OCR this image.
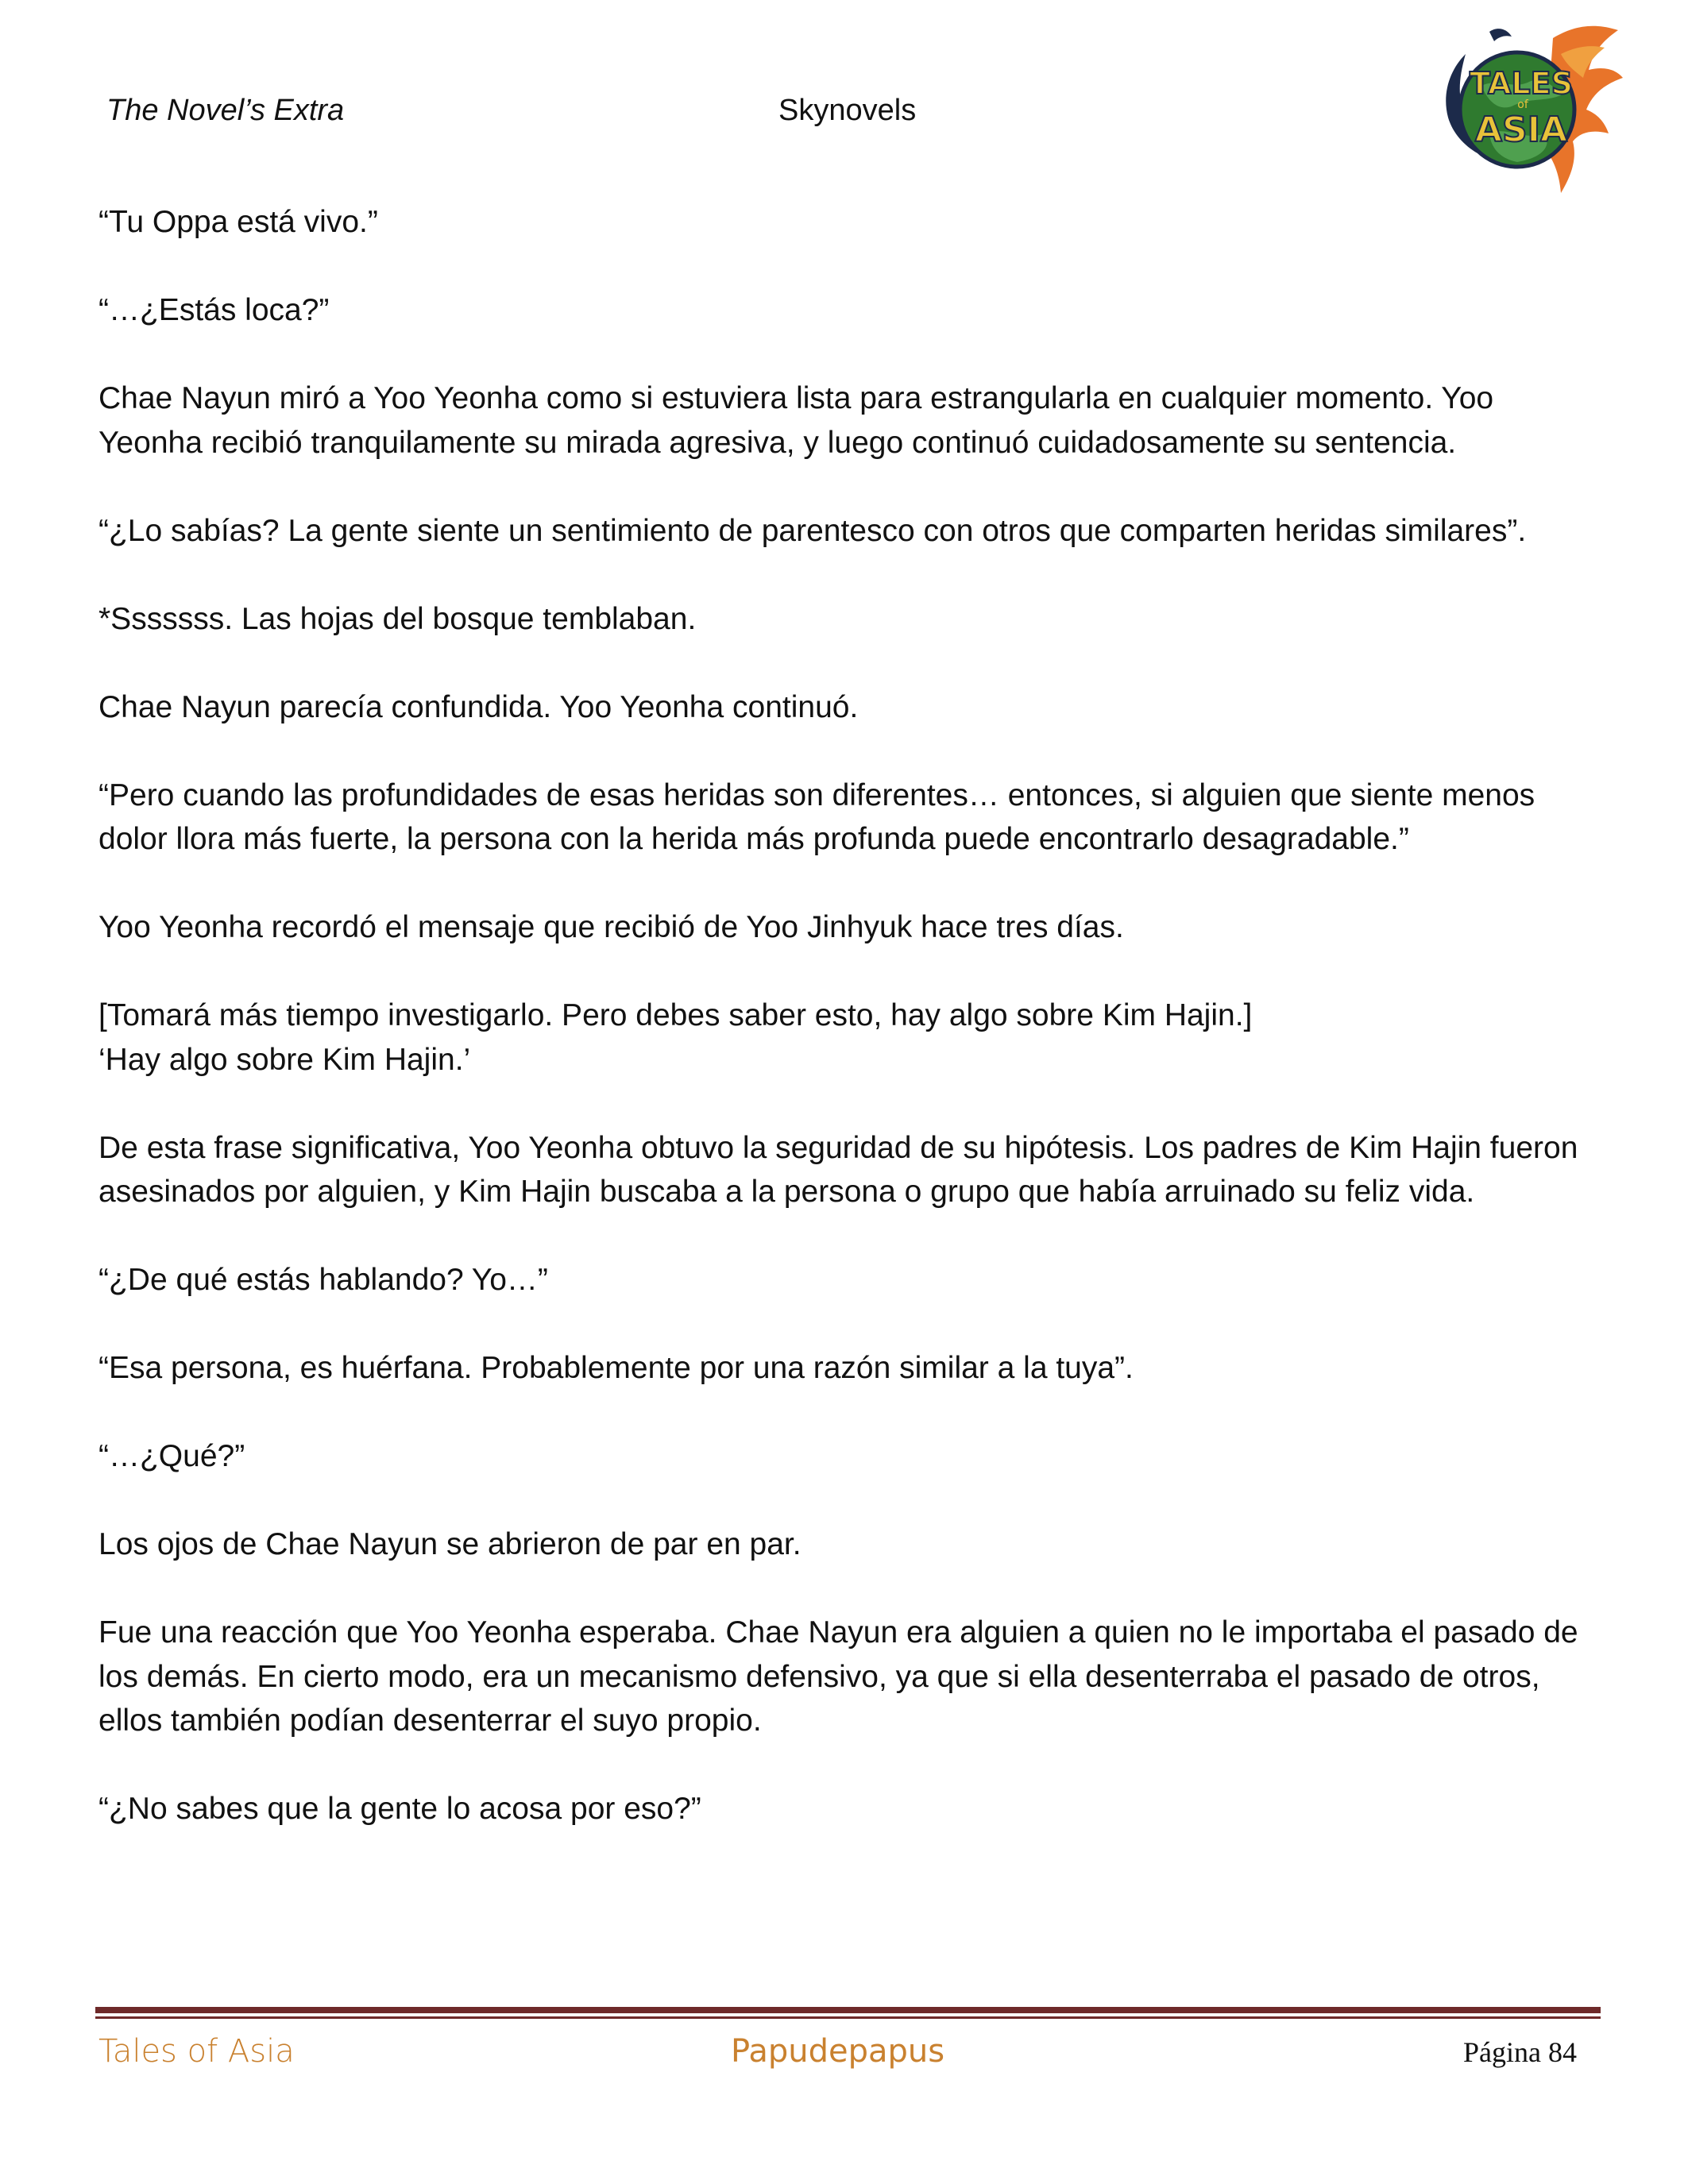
The Novel’s Extra	Skynovels
TALES
of
ASIA

“Tu Oppa está vivo.”

“…¿Estás loca?”

Chae Nayun miró a Yoo Yeonha como si estuviera lista para estrangularla en cualquier momento. Yoo Yeonha recibió tranquilamente su mirada agresiva, y luego continuó cuidadosamente su sentencia.

“¿Lo sabías? La gente siente un sentimiento de parentesco con otros que comparten heridas similares”.

*Sssssss. Las hojas del bosque temblaban.

Chae Nayun parecía confundida. Yoo Yeonha continuó.

“Pero cuando las profundidades de esas heridas son diferentes… entonces, si alguien que siente menos dolor llora más fuerte, la persona con la herida más profunda puede encontrarlo desagradable.”

Yoo Yeonha recordó el mensaje que recibió de Yoo Jinhyuk hace tres días.

[Tomará más tiempo investigarlo. Pero debes saber esto, hay algo sobre Kim Hajin.]

‘Hay algo sobre Kim Hajin.’

De esta frase significativa, Yoo Yeonha obtuvo la seguridad de su hipótesis. Los padres de Kim Hajin fueron asesinados por alguien, y Kim Hajin buscaba a la persona o grupo que había arruinado su feliz vida.

“¿De qué estás hablando? Yo…”

“Esa persona, es huérfana. Probablemente por una razón similar a la tuya”.

“…¿Qué?”

Los ojos de Chae Nayun se abrieron de par en par.

Fue una reacción que Yoo Yeonha esperaba. Chae Nayun era alguien a quien no le importaba el pasado de los demás. En cierto modo, era un mecanismo defensivo, ya que si ella desenterraba el pasado de otros, ellos también podían desenterrar el suyo propio.

“¿No sabes que la gente lo acosa por eso?”

Tales of Asia	Papudepapus	Página 84
